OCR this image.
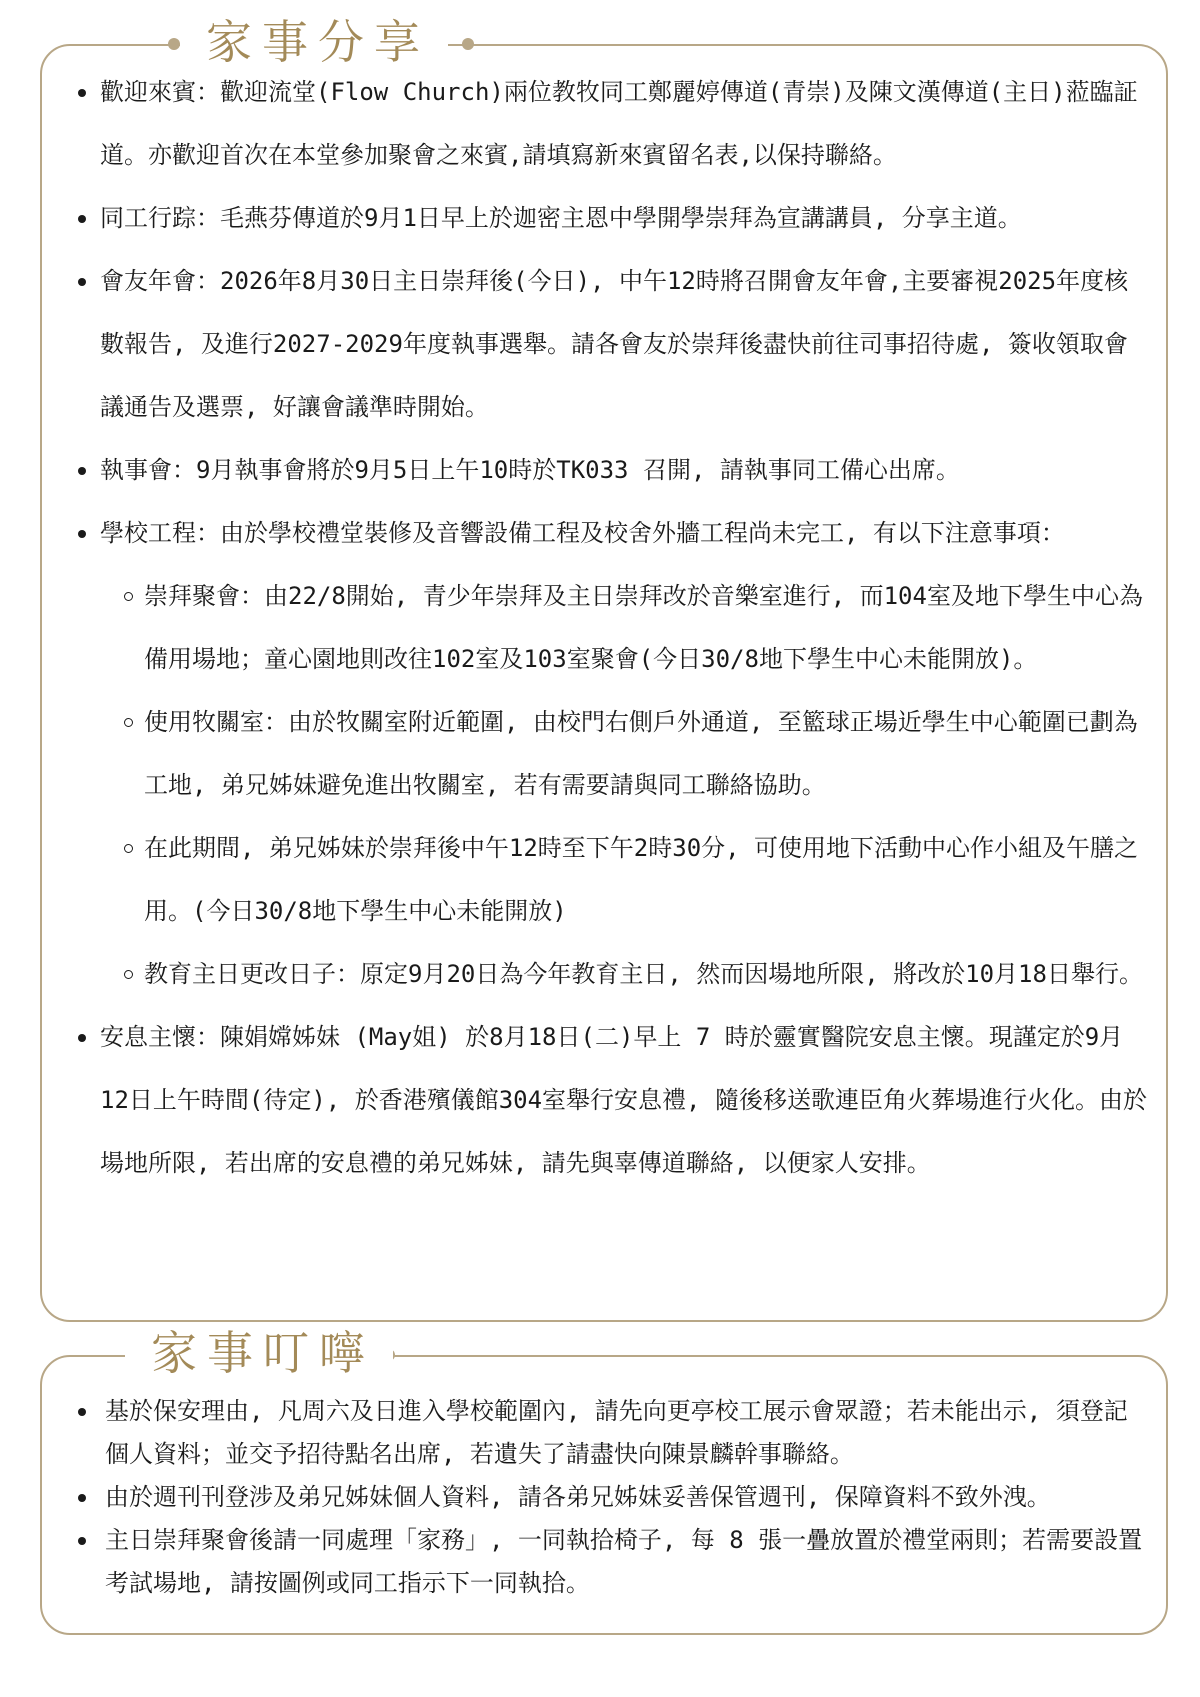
家事分享
歡迎來賓：歡迎流堂(Flow Church)兩位教牧同工鄭麗婷傳道(青崇)及陳文漢傳道(主日)蒞臨証道。亦歡迎首次在本堂參加聚會之來賓,請填寫新來賓留名表,以保持聯絡。
同工行踪：毛燕芬傳道於9月1日早上於迦密主恩中學開學崇拜為宣講講員, 分享主道。
會友年會：2026年8月30日主日崇拜後(今日), 中午12時將召開會友年會,主要審視2025年度核數報告, 及進行2027-2029年度執事選舉。請各會友於崇拜後盡快前往司事招待處, 簽收領取會議通告及選票, 好讓會議準時開始。
執事會：9月執事會將於9月5日上午10時於TK033 召開, 請執事同工備心出席。
學校工程：由於學校禮堂裝修及音響設備工程及校舍外牆工程尚未完工, 有以下注意事項：
崇拜聚會：由22/8開始, 青少年崇拜及主日崇拜改於音樂室進行, 而104室及地下學生中心為備用場地；童心園地則改往102室及103室聚會(今日30/8地下學生中心未能開放)。
使用牧關室：由於牧關室附近範圍, 由校門右側戶外通道, 至籃球正場近學生中心範圍已劃為工地, 弟兄姊妹避免進出牧關室, 若有需要請與同工聯絡協助。
在此期間, 弟兄姊妹於崇拜後中午12時至下午2時30分, 可使用地下活動中心作小組及午膳之用。(今日30/8地下學生中心未能開放)
教育主日更改日子：原定9月20日為今年教育主日, 然而因場地所限, 將改於10月18日舉行。
安息主懷：陳娟嫦姊妹 (May姐) 於8月18日(二)早上 7 時於靈實醫院安息主懷。現謹定於9月12日上午時間(待定), 於香港殯儀館304室舉行安息禮, 隨後移送歌連臣角火葬場進行火化。由於場地所限, 若出席的安息禮的弟兄姊妹, 請先與辜傳道聯絡, 以便家人安排。
家事叮嚀
基於保安理由, 凡周六及日進入學校範圍內, 請先向更亭校工展示會眾證；若未能出示, 須登記個人資料；並交予招待點名出席, 若遺失了請盡快向陳景麟幹事聯絡。
由於週刊刊登涉及弟兄姊妹個人資料, 請各弟兄姊妹妥善保管週刊, 保障資料不致外洩。
主日崇拜聚會後請一同處理「家務」, 一同執拾椅子, 每 8 張一疊放置於禮堂兩則；若需要設置考試場地, 請按圖例或同工指示下一同執拾。
